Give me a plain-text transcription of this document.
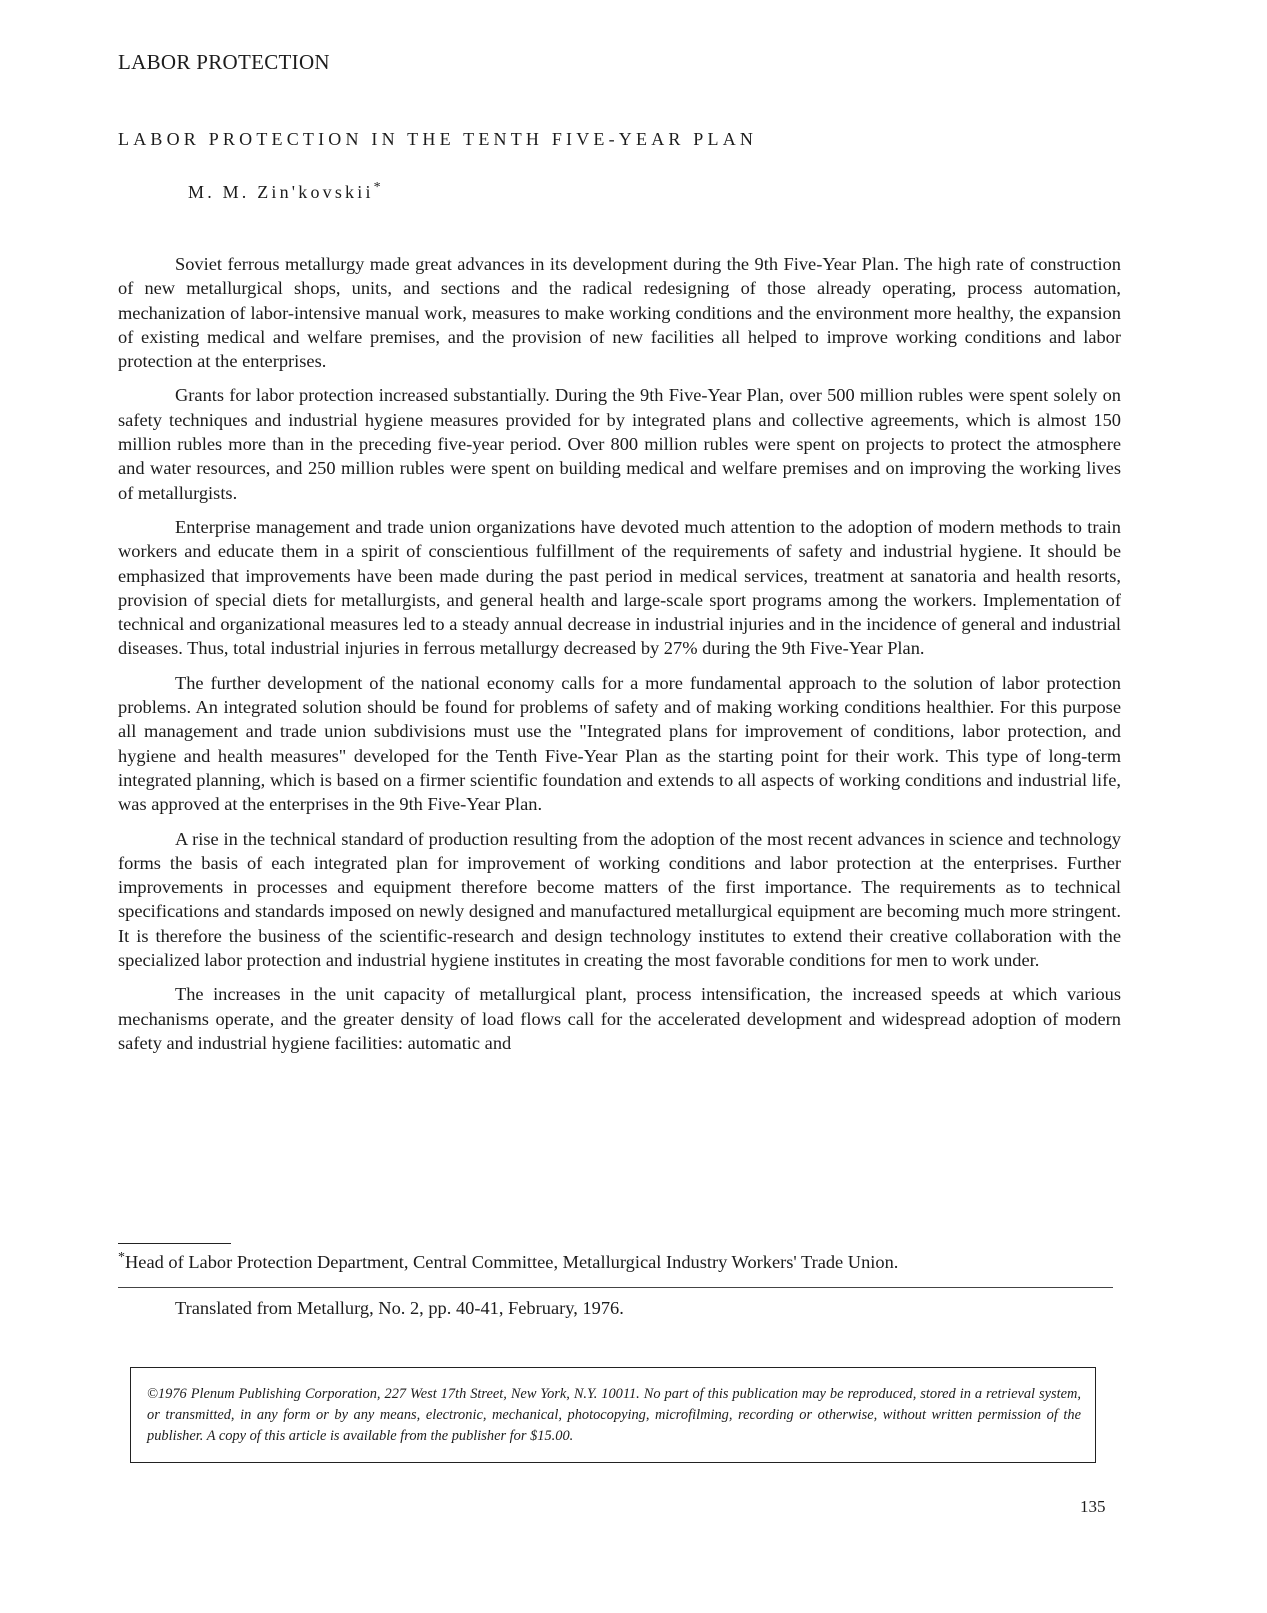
LABOR PROTECTION
LABOR PROTECTION IN THE TENTH FIVE-YEAR PLAN
M. M. Zin'kovskii*

Soviet ferrous metallurgy made great advances in its development during the 9th Five-Year Plan. The high rate of construction of new metallurgical shops, units, and sections and the radical redesigning of those already operating, process automation, mechanization of labor-intensive manual work, measures to make working conditions and the environment more healthy, the expansion of existing medical and welfare premises, and the provision of new facilities all helped to improve working conditions and labor protection at the enterprises.

Grants for labor protection increased substantially. During the 9th Five-Year Plan, over 500 million rubles were spent solely on safety techniques and industrial hygiene measures provided for by integrated plans and collective agreements, which is almost 150 million rubles more than in the preceding five-year period. Over 800 million rubles were spent on projects to protect the atmosphere and water resources, and 250 million rubles were spent on building medical and welfare premises and on improving the working lives of metallurgists.

Enterprise management and trade union organizations have devoted much attention to the adoption of modern methods to train workers and educate them in a spirit of conscientious fulfillment of the requirements of safety and industrial hygiene. It should be emphasized that improvements have been made during the past period in medical services, treatment at sanatoria and health resorts, provision of special diets for metallurgists, and general health and large-scale sport programs among the workers. Implementation of technical and organizational measures led to a steady annual decrease in industrial injuries and in the incidence of general and industrial diseases. Thus, total industrial injuries in ferrous metallurgy decreased by 27% during the 9th Five-Year Plan.

The further development of the national economy calls for a more fundamental approach to the solution of labor protection problems. An integrated solution should be found for problems of safety and of making working conditions healthier. For this purpose all management and trade union subdivisions must use the "Integrated plans for improvement of conditions, labor protection, and hygiene and health measures" developed for the Tenth Five-Year Plan as the starting point for their work. This type of long-term integrated planning, which is based on a firmer scientific foundation and extends to all aspects of working conditions and industrial life, was approved at the enterprises in the 9th Five-Year Plan.

A rise in the technical standard of production resulting from the adoption of the most recent advances in science and technology forms the basis of each integrated plan for improvement of working conditions and labor protection at the enterprises. Further improvements in processes and equipment therefore become matters of the first importance. The requirements as to technical specifications and standards imposed on newly designed and manufactured metallurgical equipment are becoming much more stringent. It is therefore the business of the scientific-research and design technology institutes to extend their creative collaboration with the specialized labor protection and industrial hygiene institutes in creating the most favorable conditions for men to work under.

The increases in the unit capacity of metallurgical plant, process intensification, the increased speeds at which various mechanisms operate, and the greater density of load flows call for the accelerated development and widespread adoption of modern safety and industrial hygiene facilities: automatic and

*Head of Labor Protection Department, Central Committee, Metallurgical Industry Workers' Trade Union.
Translated from Metallurg, No. 2, pp. 40-41, February, 1976.
©1976 Plenum Publishing Corporation, 227 West 17th Street, New York, N.Y. 10011. No part of this publication may be reproduced, stored in a retrieval system, or transmitted, in any form or by any means, electronic, mechanical, photocopying, microfilming, recording or otherwise, without written permission of the publisher. A copy of this article is available from the publisher for $15.00.
135
